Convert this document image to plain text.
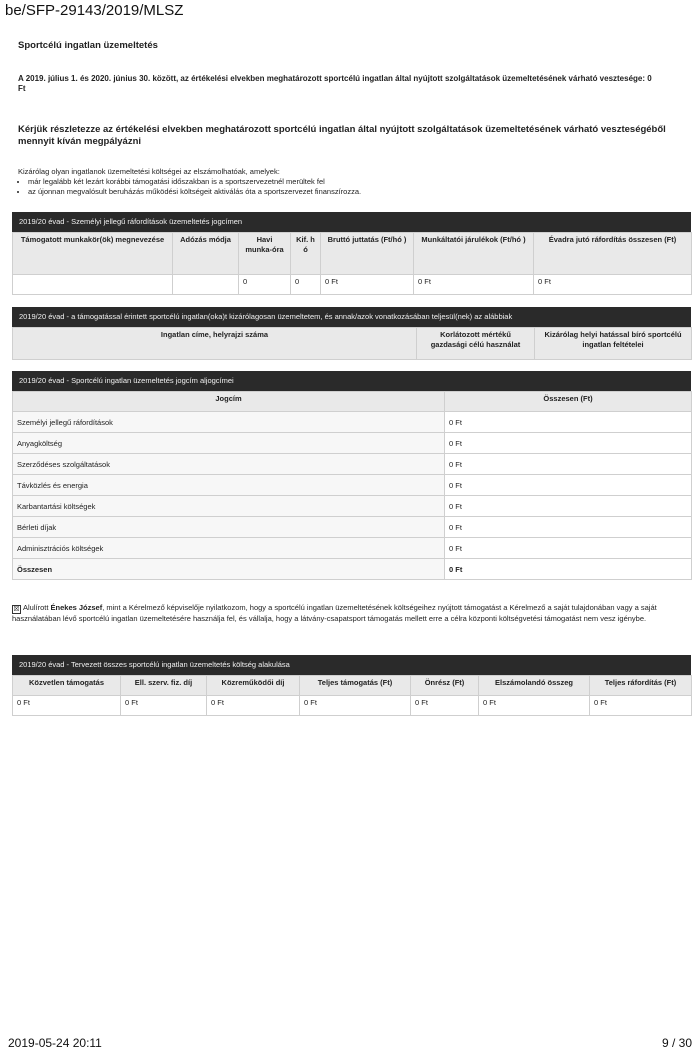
be/SFP-29143/2019/MLSZ
Sportcélú ingatlan üzemeltetés
A 2019. július 1. és 2020. június 30. között, az értékelési elvekben meghatározott sportcélú ingatlan által nyújtott szolgáltatások üzemeltetésének várható vesztesége: 0 Ft
Kérjük részletezze az értékelési elvekben meghatározott sportcélú ingatlan által nyújtott szolgáltatások üzemeltetésének várható veszteségéből mennyit kíván megpályázni
Kizárólag olyan ingatlanok üzemeltetési költségei az elszámolhatóak, amelyek:
• már legalább két lezárt korábbi támogatási időszakban is a sportszervezetnél merültek fel
• az újonnan megvalósult beruházás működési költségeit aktiválás óta a sportszervezet finanszírozza.
2019/20 évad - Személyi jellegű ráfordítások üzemeltetés jogcímen
Támogatott munkakör(ök) megnevezése	Adózás módja	Havi munka-óra	Kif. h ó	Bruttó juttatás (Ft/hó )	Munkáltatói járulékok (Ft/hó )	Évadra jutó ráfordítás összesen (Ft)
		0	0	0 Ft	0 Ft	0 Ft
2019/20 évad - a támogatással érintett sportcélú ingatlan(oka)t kizárólagosan üzemeltetem, és annak/azok vonatkozásában teljesül(nek) az alábbiak
Ingatlan címe, helyrajzi száma	Korlátozott mértékű gazdasági célú használat	Kizárólag helyi hatással bíró sportcélú ingatlan feltételei
2019/20 évad - Sportcélú ingatlan üzemeltetés jogcím aljogcímei
Jogcím	Összesen (Ft)
Személyi jellegű ráfordítások	0 Ft
Anyagköltség	0 Ft
Szerződéses szolgáltatások	0 Ft
Távközlés és energia	0 Ft
Karbantartási költségek	0 Ft
Bérleti díjak	0 Ft
Adminisztrációs költségek	0 Ft
Összesen	0 Ft
☒ Alulírott Énekes József, mint a Kérelmező képviselője nyilatkozom, hogy a sportcélú ingatlan üzemeltetésének költségeihez nyújtott támogatást a Kérelmező a saját tulajdonában vagy a saját használatában lévő sportcélú ingatlan üzemeltetésére használja fel, és vállalja, hogy a látvány-csapatsport támogatás mellett erre a célra központi költségvetési támogatást nem vesz igénybe.
2019/20 évad - Tervezett összes sportcélú ingatlan üzemeltetés költség alakulása
Közvetlen támogatás	Ell. szerv. fiz. díj	Közreműködői díj	Teljes támogatás (Ft)	Önrész (Ft)	Elszámolandó összeg	Teljes ráfordítás (Ft)
0 Ft	0 Ft	0 Ft	0 Ft	0 Ft	0 Ft	0 Ft
2019-05-24 20:11	9 / 30
